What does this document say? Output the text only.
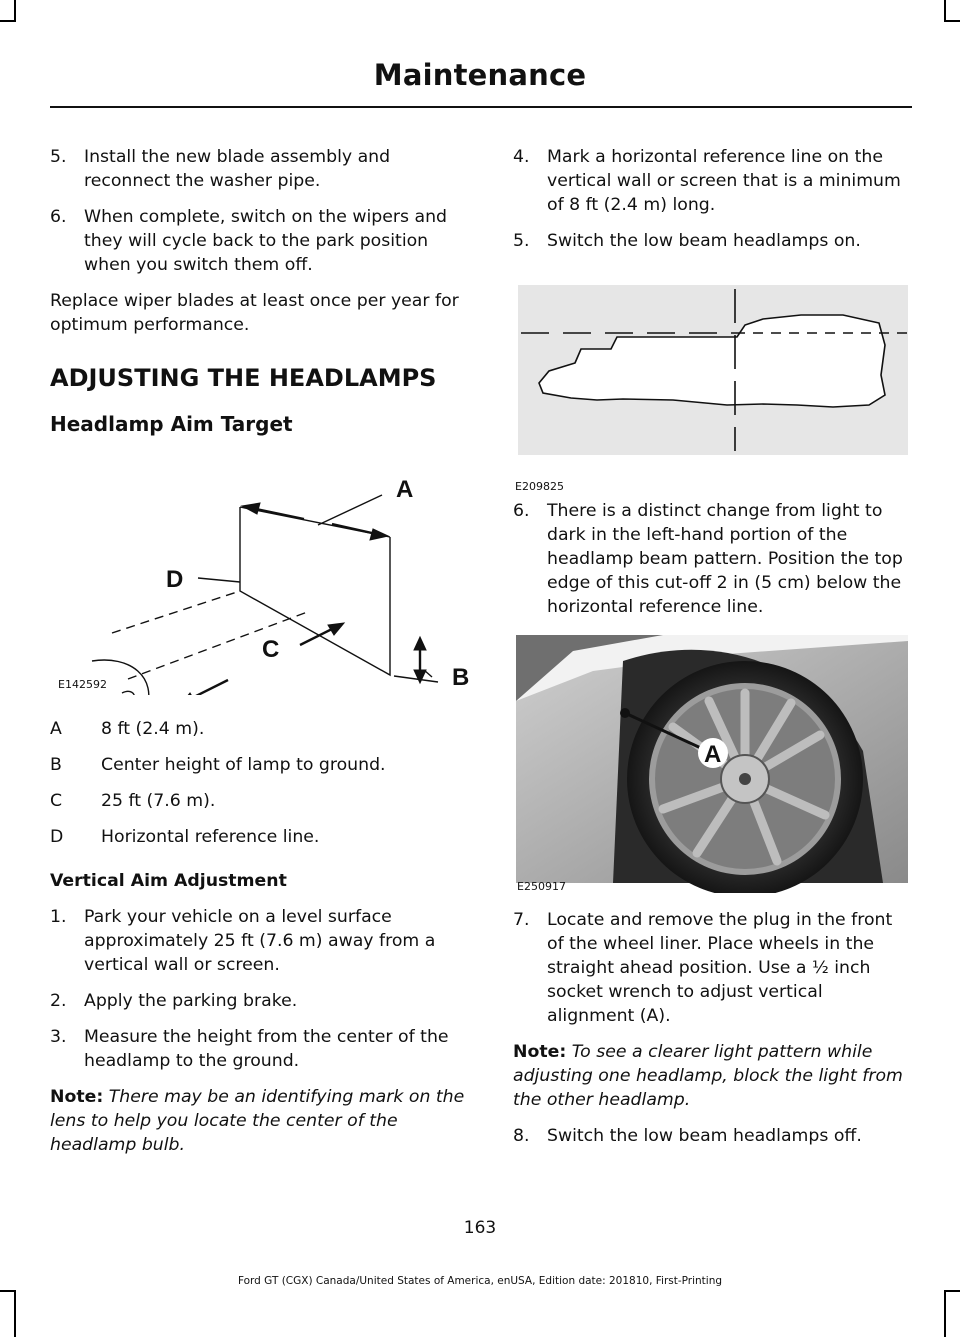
Maintenance
5.	Install the new blade assembly and reconnect the washer pipe.
6.	When complete, switch on the wipers and they will cycle back to the park position when you switch them off.

Replace wiper blades at least once per year for optimum performance.

ADJUSTING THE HEADLAMPS
Headlamp Aim Target
A
B
C
D
E142592
A	8 ft (2.4 m).
B	Center height of lamp to ground.
C	25 ft (7.6 m).
D	Horizontal reference line.
Vertical Aim Adjustment
1.	Park your vehicle on a level surface approximately 25 ft (7.6 m) away from a vertical wall or screen.
2.	Apply the parking brake.
3.	Measure the height from the center of the headlamp to the ground.

Note: There may be an identifying mark on the lens to help you locate the center of the headlamp bulb.

4.	Mark a horizontal reference line on the vertical wall or screen that is a minimum of 8 ft (2.4 m) long.
5.	Switch the low beam headlamps on.
E209825
6.	There is a distinct change from light to dark in the left-hand portion of the headlamp beam pattern. Position the top edge of this cut-off 2 in (5 cm) below the horizontal reference line.
A
E250917
7.	Locate and remove the plug in the front of the wheel liner. Place wheels in the straight ahead position. Use a ½ inch socket wrench to adjust vertical alignment (A).

Note: To see a clearer light pattern while adjusting one headlamp, block the light from the other headlamp.

8.	Switch the low beam headlamps off.
163
Ford GT (CGX) Canada/United States of America, enUSA, Edition date: 201810, First-Printing
